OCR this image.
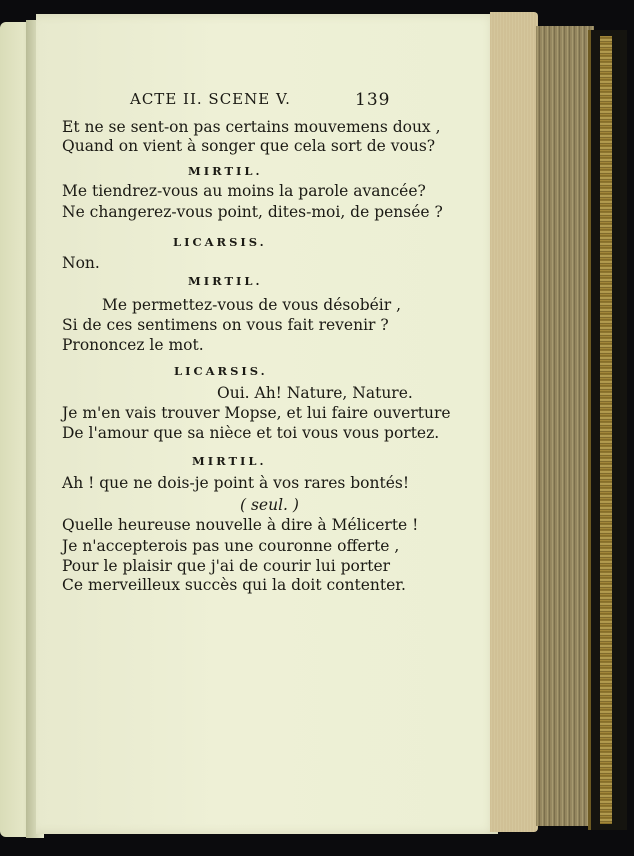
ACTE II. SCENE V.	139
Et ne se sent-on pas certains mouvemens doux ,
Quand on vient à songer que cela sort de vous?
MIRTIL.
Me tiendrez-vous au moins la parole avancée?
Ne changerez-vous point, dites-moi, de pensée ?
LICARSIS.
Non.
MIRTIL.
Me permettez-vous de vous désobéir ,
Si de ces sentimens on vous fait revenir ?
Prononcez le mot.
LICARSIS.
Oui. Ah! Nature, Nature.
Je m'en vais trouver Mopse, et lui faire ouverture
De l'amour que sa nièce et toi vous vous portez.
MIRTIL.
Ah ! que ne dois-je point à vos rares bontés!
( seul. )
Quelle heureuse nouvelle à dire à Mélicerte !
Je n'accepterois pas une couronne offerte ,
Pour le plaisir que j'ai de courir lui porter
Ce merveilleux succès qui la doit contenter.
